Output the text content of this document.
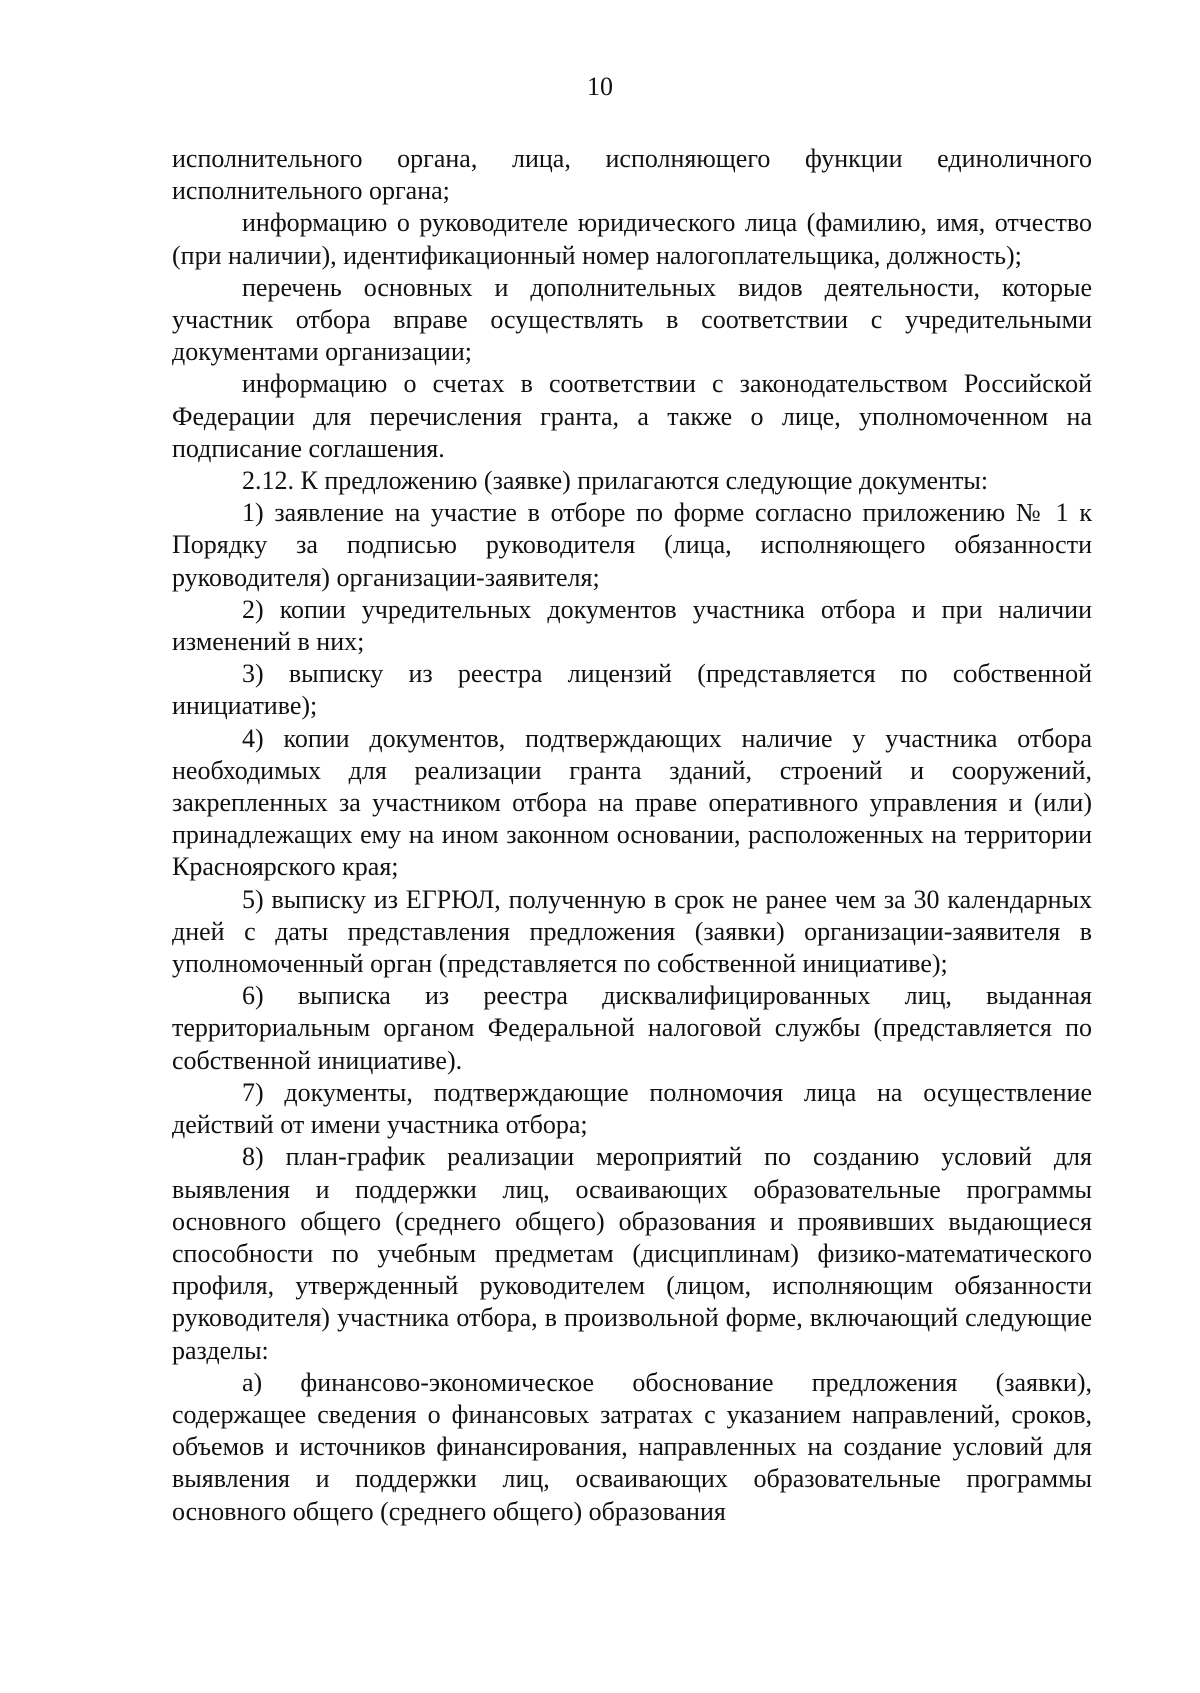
10

исполнительного органа, лица, исполняющего функции единоличного исполнительного органа;

информацию о руководителе юридического лица (фамилию, имя, отчество (при наличии), идентификационный номер налогоплательщика, должность);

перечень основных и дополнительных видов деятельности, которые участник отбора вправе осуществлять в соответствии с учредительными документами организации;

информацию о счетах в соответствии с законодательством Российской Федерации для перечисления гранта, а также о лице, уполномоченном на подписание соглашения.

2.12. К предложению (заявке) прилагаются следующие документы:

1) заявление на участие в отборе по форме согласно приложению № 1 к Порядку за подписью руководителя (лица, исполняющего обязанности руководителя) организации-заявителя;

2) копии учредительных документов участника отбора и при наличии изменений в них;

3) выписку из реестра лицензий (представляется по собственной инициативе);

4) копии документов, подтверждающих наличие у участника отбора необходимых для реализации гранта зданий, строений и сооружений, закрепленных за участником отбора на праве оперативного управления и (или) принадлежащих ему на ином законном основании, расположенных на территории Красноярского края;

5) выписку из ЕГРЮЛ, полученную в срок не ранее чем за 30 календарных дней с даты представления предложения (заявки) организации-заявителя в уполномоченный орган (представляется по собственной инициативе);

6) выписка из реестра дисквалифицированных лиц, выданная территориальным органом Федеральной налоговой службы (представляется по собственной инициативе).

7) документы, подтверждающие полномочия лица на осуществление действий от имени участника отбора;

8) план-график реализации мероприятий по созданию условий для выявления и поддержки лиц, осваивающих образовательные программы основного общего (среднего общего) образования и проявивших выдающиеся способности по учебным предметам (дисциплинам) физико-математического профиля, утвержденный руководителем (лицом, исполняющим обязанности руководителя) участника отбора, в произвольной форме, включающий следующие разделы:

а) финансово-экономическое обоснование предложения (заявки), содержащее сведения о финансовых затратах с указанием направлений, сроков, объемов и источников финансирования, направленных на создание условий для выявления и поддержки лиц, осваивающих образовательные программы основного общего (среднего общего) образования
